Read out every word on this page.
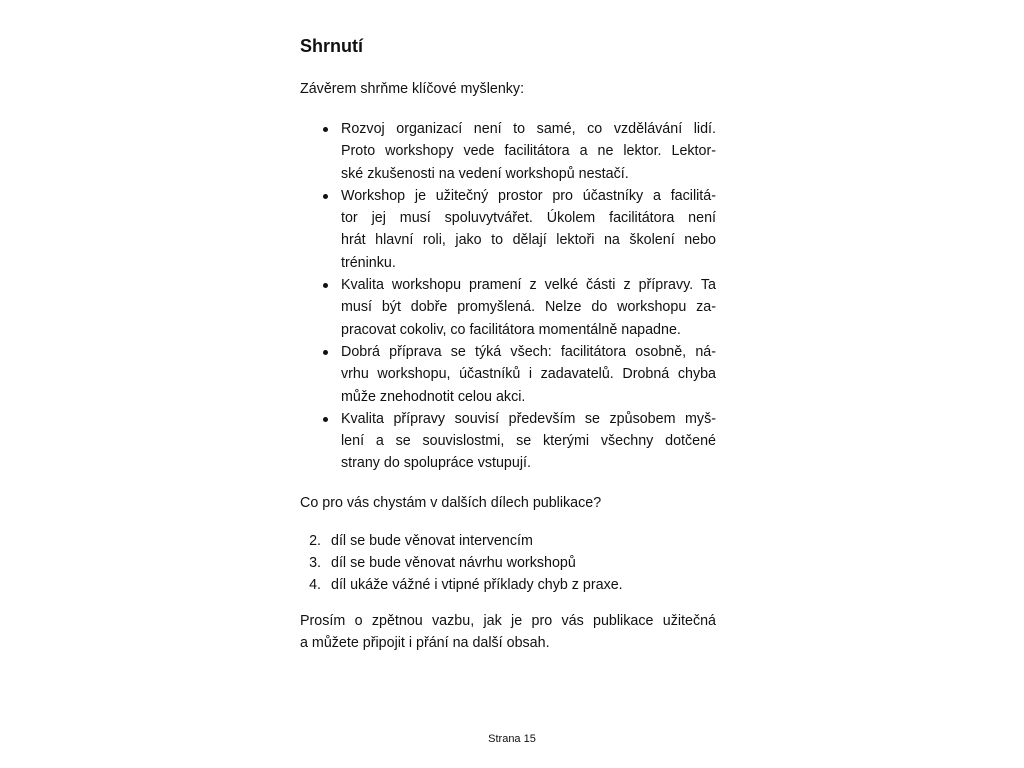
Shrnutí
Závěrem shrňme klíčové myšlenky:
Rozvoj organizací není to samé, co vzdělávání lidí.
Proto workshopy vede facilitátora a ne lektor. Lektor-
ské zkušenosti na vedení workshopů nestačí.
Workshop je užitečný prostor pro účastníky a facilitá-
tor jej musí spoluvytvářet. Úkolem facilitátora není
hrát hlavní roli, jako to dělají lektoři na školení nebo
tréninku.
Kvalita workshopu pramení z velké části z přípravy. Ta
musí být dobře promyšlená. Nelze do workshopu za-
pracovat cokoliv, co facilitátora momentálně napadne.
Dobrá příprava se týká všech: facilitátora osobně, ná-
vrhu workshopu, účastníků i zadavatelů. Drobná chyba
může znehodnotit celou akci.
Kvalita přípravy souvisí především se způsobem myš-
lení a se souvislostmi, se kterými všechny dotčené
strany do spolupráce vstupují.
Co pro vás chystám v dalších dílech publikace?
2. díl se bude věnovat intervencím
3. díl se bude věnovat návrhu workshopů
4. díl ukáže vážné i vtipné příklady chyb z praxe.
Prosím o zpětnou vazbu, jak je pro vás publikace užitečná
a můžete připojit i přání na další obsah.
Strana 15
